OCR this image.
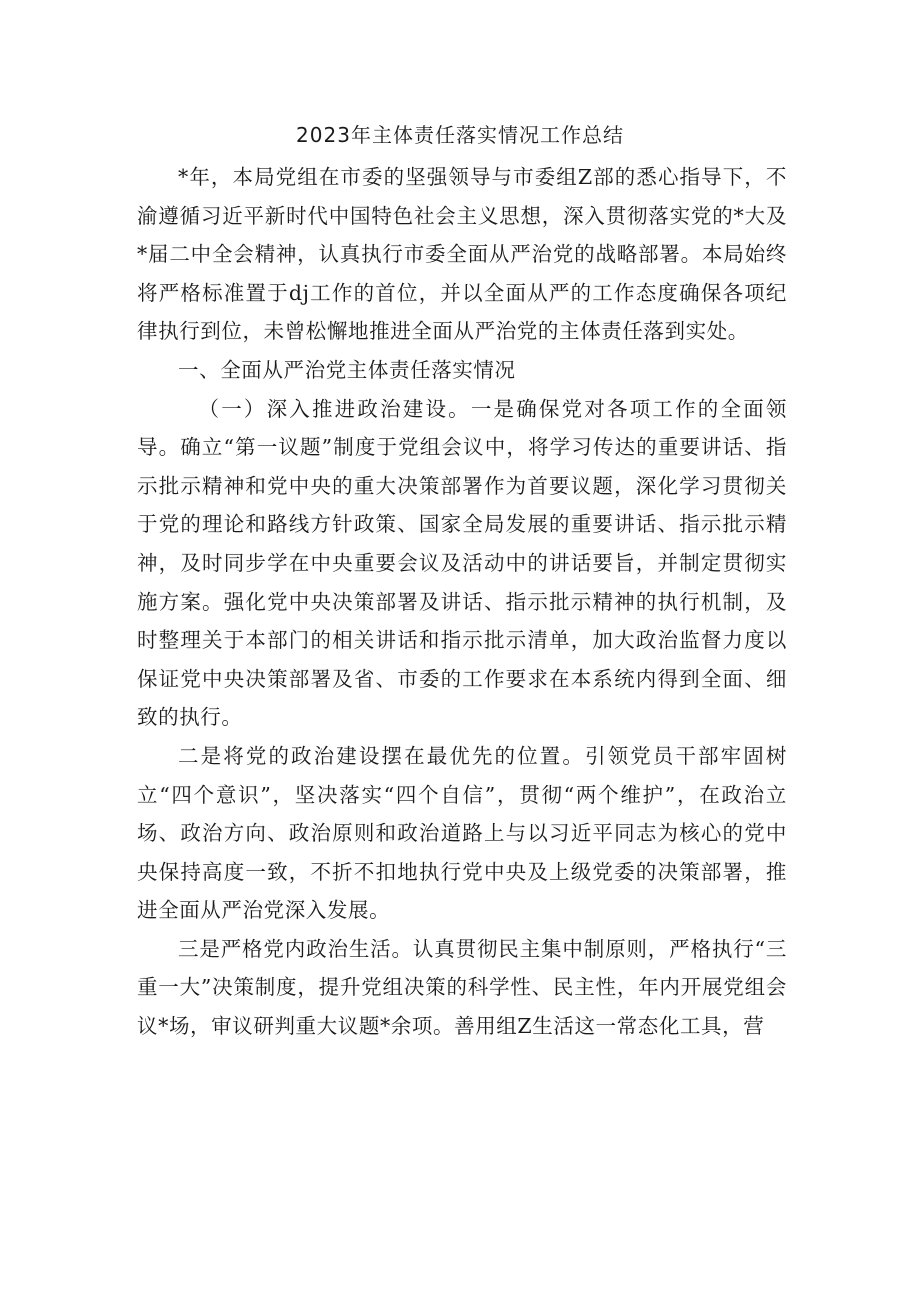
2023年主体责任落实情况工作总结

*年，本局党组在市委的坚强领导与市委组Z部的悉心指导下，不渝遵循习近平新时代中国特色社会主义思想，深入贯彻落实党的*大及*届二中全会精神，认真执行市委全面从严治党的战略部署。本局始终将严格标准置于dj工作的首位，并以全面从严的工作态度确保各项纪律执行到位，未曾松懈地推进全面从严治党的主体责任落到实处。

一、全面从严治党主体责任落实情况

（一）深入推进政治建设。一是确保党对各项工作的全面领导。确立“第一议题”制度于党组会议中，将学习传达的重要讲话、指示批示精神和党中央的重大决策部署作为首要议题，深化学习贯彻关于党的理论和路线方针政策、国家全局发展的重要讲话、指示批示精神，及时同步学在中央重要会议及活动中的讲话要旨，并制定贯彻实施方案。强化党中央决策部署及讲话、指示批示精神的执行机制，及时整理关于本部门的相关讲话和指示批示清单，加大政治监督力度以保证党中央决策部署及省、市委的工作要求在本系统内得到全面、细致的执行。

二是将党的政治建设摆在最优先的位置。引领党员干部牢固树立“四个意识”，坚决落实“四个自信”，贯彻“两个维护”，在政治立场、政治方向、政治原则和政治道路上与以习近平同志为核心的党中央保持高度一致，不折不扣地执行党中央及上级党委的决策部署，推进全面从严治党深入发展。

三是严格党内政治生活。认真贯彻民主集中制原则，严格执行“三重一大”决策制度，提升党组决策的科学性、民主性，年内开展党组会议*场，审议研判重大议题*余项。善用组Z生活这一常态化工具，营
